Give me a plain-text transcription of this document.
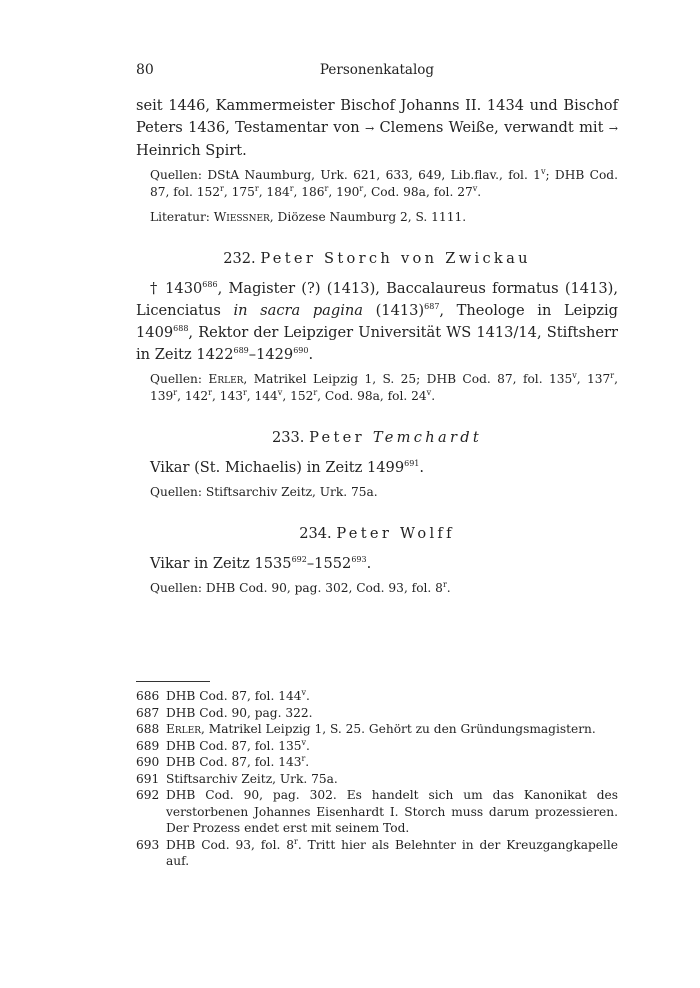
80	Personenkatalog

seit 1446, Kammermeister Bischof Johanns II. 1434 und Bischof Peters 1436, Testamentar von → Clemens Weiße, verwandt mit → Heinrich Spirt.

Quellen: DStA Naumburg, Urk. 621, 633, 649, Lib.flav., fol. 1$^v$; DHB Cod. 87, fol. 152$^r$, 175$^r$, 184$^r$, 186$^r$, 190$^r$, Cod. 98a, fol. 27$^v$.

Literatur: Wiessner, Diözese Naumburg 2, S. 1111.

232. Peter Storch von Zwickau

† 1430$^{686}$, Magister (?) (1413), Baccalaureus formatus (1413), Licenciatus in sacra pagina $(1413)^{687}$, Theologe in Leipzig 1409$^{688}$, Rektor der Leipziger Universität WS 1413/14, Stiftsherr in Zeitz 1422$^{689}$–1429$^{690}$.

Quellen: Erler, Matrikel Leipzig 1, S. 25; DHB Cod. 87, fol. 135$^v$, 137$^r$, 139$^r$, 142$^r$, 143$^r$, 144$^v$, 152$^r$, Cod. 98a, fol. 24$^v$.

233. Peter Temchardt

Vikar (St. Michaelis) in Zeitz 1499$^{691}$.

Quellen: Stiftsarchiv Zeitz, Urk. 75a.

234. Peter Wolff

Vikar in Zeitz 1535$^{692}$–1552$^{693}$.

Quellen: DHB Cod. 90, pag. 302, Cod. 93, fol. 8$^r$.

686 DHB Cod. 87, fol. 144$^v$.
687 DHB Cod. 90, pag. 322.
688 Erler, Matrikel Leipzig 1, S. 25. Gehört zu den Gründungsmagistern.
689 DHB Cod. 87, fol. 135$^v$.
690 DHB Cod. 87, fol. 143$^r$.
691 Stiftsarchiv Zeitz, Urk. 75a.
692 DHB Cod. 90, pag. 302. Es handelt sich um das Kanonikat des verstorbenen Johannes Eisenhardt I. Storch muss darum prozessieren. Der Prozess endet erst mit seinem Tod.
693 DHB Cod. 93, fol. 8$^r$. Tritt hier als Belehnter in der Kreuzgangkapelle auf.
